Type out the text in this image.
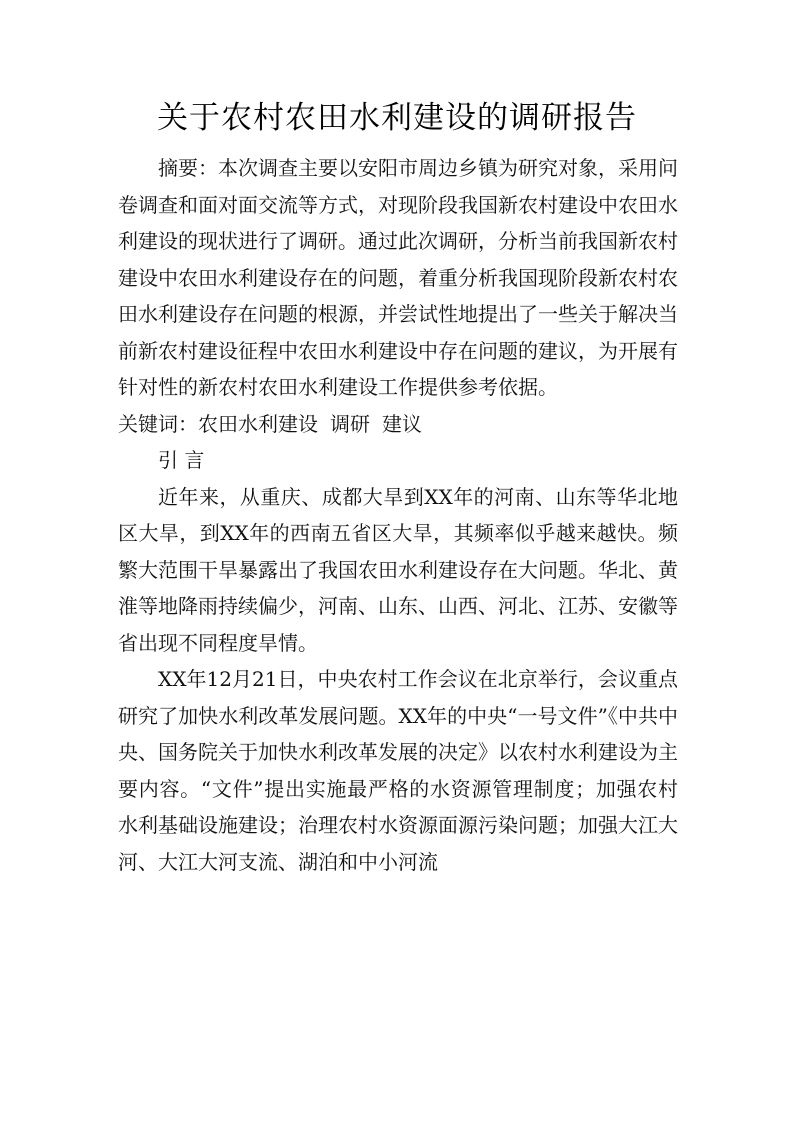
关于农村农田水利建设的调研报告

摘要：本次调查主要以安阳市周边乡镇为研究对象，采用问卷调查和面对面交流等方式，对现阶段我国新农村建设中农田水利建设的现状进行了调研。通过此次调研，分析当前我国新农村建设中农田水利建设存在的问题，着重分析我国现阶段新农村农田水利建设存在问题的根源，并尝试性地提出了一些关于解决当前新农村建设征程中农田水利建设中存在问题的建议，为开展有针对性的新农村农田水利建设工作提供参考依据。

关键词：农田水利建设 调研 建议

引 言

近年来，从重庆、成都大旱到XX年的河南、山东等华北地区大旱，到XX年的西南五省区大旱，其频率似乎越来越快。频繁大范围干旱暴露出了我国农田水利建设存在大问题。华北、黄淮等地降雨持续偏少，河南、山东、山西、河北、江苏、安徽等省出现不同程度旱情。

XX年12月21日，中央农村工作会议在北京举行，会议重点研究了加快水利改革发展问题。XX年的中央“一号文件”《中共中央、国务院关于加快水利改革发展的决定》以农村水利建设为主要内容。“文件”提出实施最严格的水资源管理制度；加强农村水利基础设施建设；治理农村水资源面源污染问题；加强大江大河、大江大河支流、湖泊和中小河流
